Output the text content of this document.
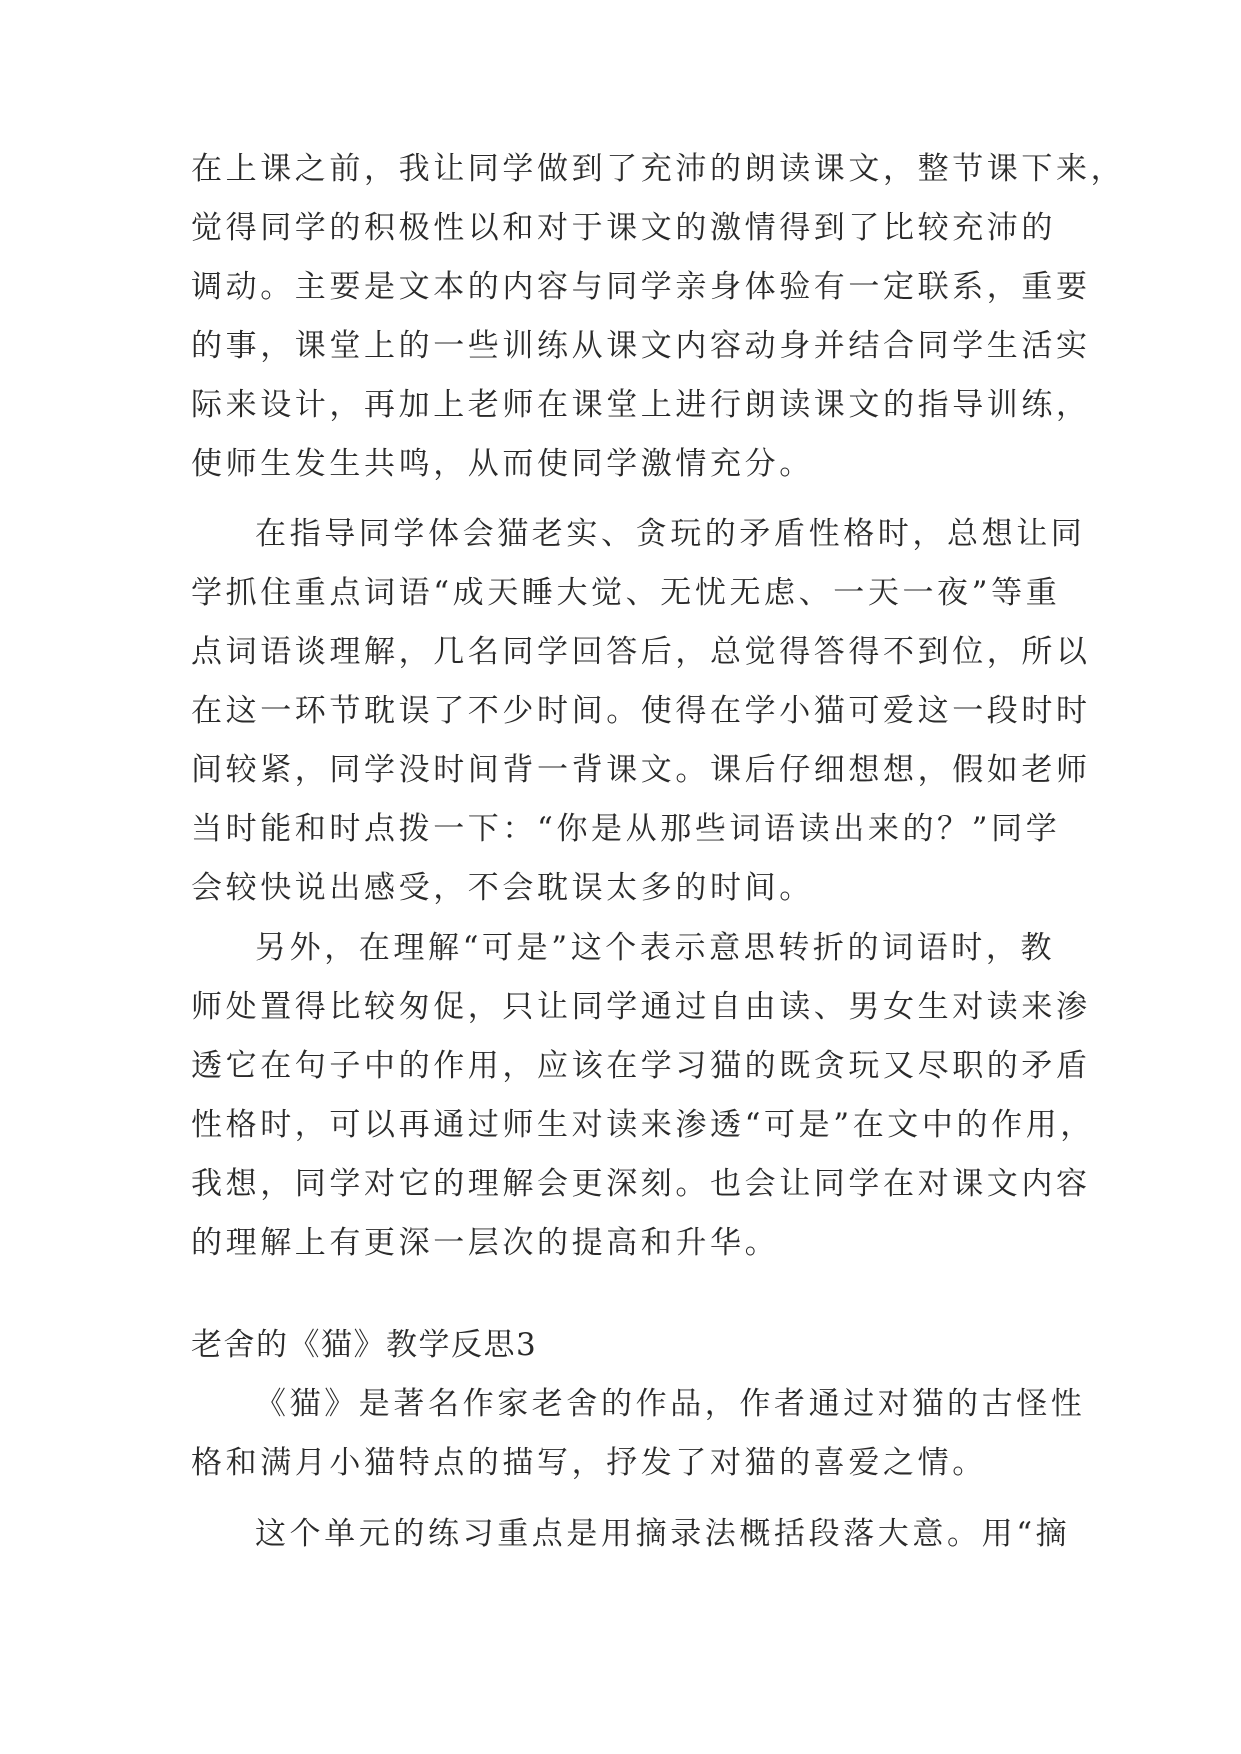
在上课之前，我让同学做到了充沛的朗读课文，整节课下来，
觉得同学的积极性以和对于课文的激情得到了比较充沛的
调动。主要是文本的内容与同学亲身体验有一定联系，重要
的事，课堂上的一些训练从课文内容动身并结合同学生活实
际来设计，再加上老师在课堂上进行朗读课文的指导训练，
使师生发生共鸣，从而使同学激情充分。
在指导同学体会猫老实、贪玩的矛盾性格时，总想让同
学抓住重点词语“成天睡大觉、无忧无虑、一天一夜”等重
点词语谈理解，几名同学回答后，总觉得答得不到位，所以
在这一环节耽误了不少时间。使得在学小猫可爱这一段时时
间较紧，同学没时间背一背课文。课后仔细想想，假如老师
当时能和时点拨一下：“你是从那些词语读出来的？”同学
会较快说出感受，不会耽误太多的时间。
另外，在理解“可是”这个表示意思转折的词语时，教
师处置得比较匆促，只让同学通过自由读、男女生对读来渗
透它在句子中的作用，应该在学习猫的既贪玩又尽职的矛盾
性格时，可以再通过师生对读来渗透“可是”在文中的作用，
我想，同学对它的理解会更深刻。也会让同学在对课文内容
的理解上有更深一层次的提高和升华。
老舍的《猫》教学反思3
《猫》是著名作家老舍的作品，作者通过对猫的古怪性
格和满月小猫特点的描写，抒发了对猫的喜爱之情。
这个单元的练习重点是用摘录法概括段落大意。用“摘
